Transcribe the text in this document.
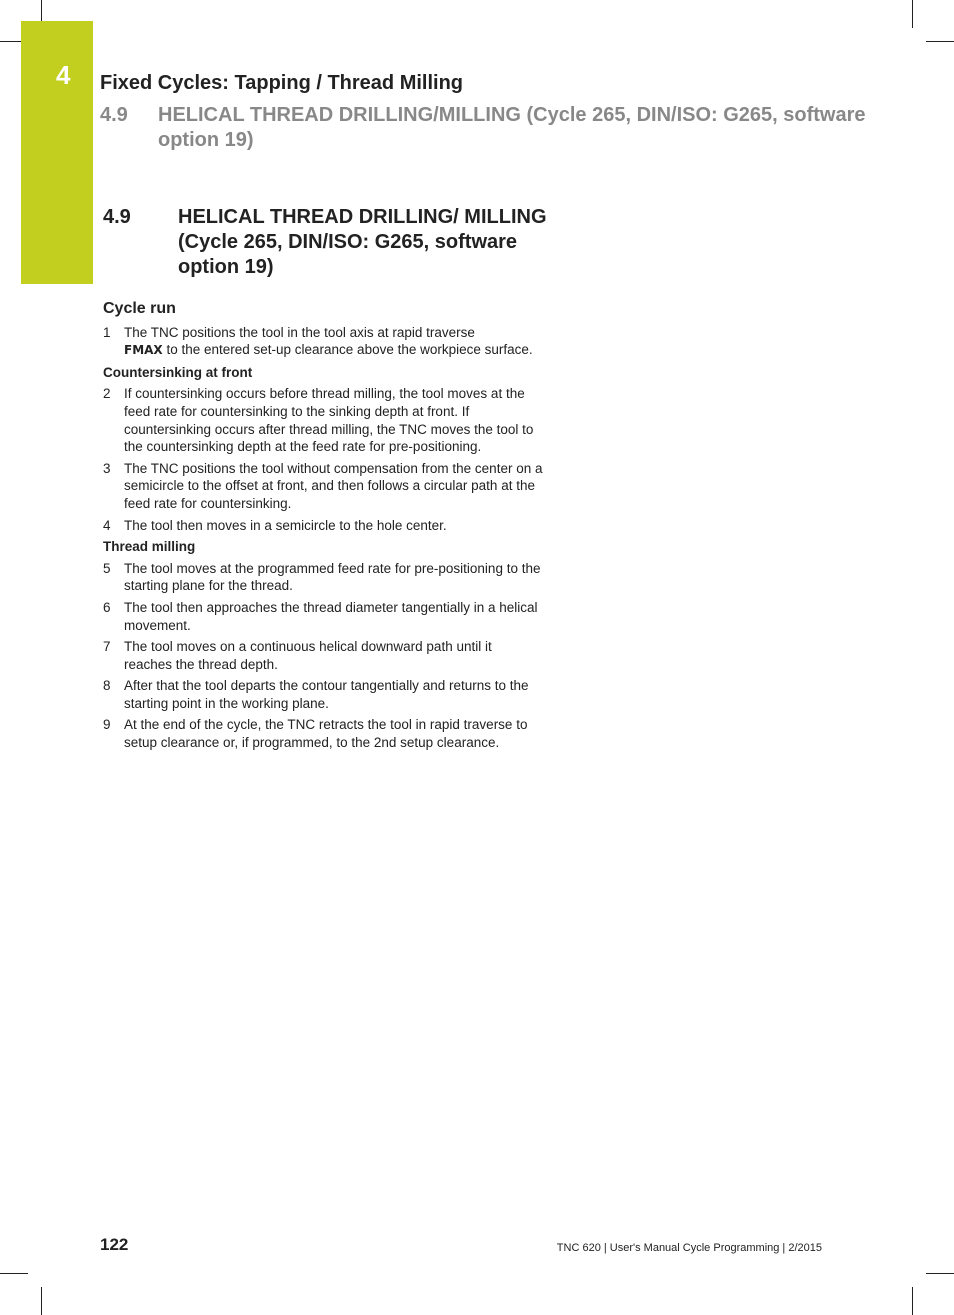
4 Fixed Cycles: Tapping / Thread Milling
4.9 HELICAL THREAD DRILLING/MILLING (Cycle 265, DIN/ISO: G265, software option 19)
4.9 HELICAL THREAD DRILLING/ MILLING (Cycle 265, DIN/ISO: G265, software option 19)
Cycle run
1 The TNC positions the tool in the tool axis at rapid traverse
FMAX to the entered set-up clearance above the workpiece surface.
Countersinking at front
2 If countersinking occurs before thread milling, the tool moves at the feed rate for countersinking to the sinking depth at front. If countersinking occurs after thread milling, the TNC moves the tool to the countersinking depth at the feed rate for pre-positioning.
3 The TNC positions the tool without compensation from the center on a semicircle to the offset at front, and then follows a circular path at the feed rate for countersinking.
4 The tool then moves in a semicircle to the hole center.
Thread milling
5 The tool moves at the programmed feed rate for pre-positioning to the starting plane for the thread.
6 The tool then approaches the thread diameter tangentially in a helical movement.
7 The tool moves on a continuous helical downward path until it reaches the thread depth.
8 After that the tool departs the contour tangentially and returns to the starting point in the working plane.
9 At the end of the cycle, the TNC retracts the tool in rapid traverse to setup clearance or, if programmed, to the 2nd setup clearance.
122	TNC 620 | User's Manual Cycle Programming | 2/2015
